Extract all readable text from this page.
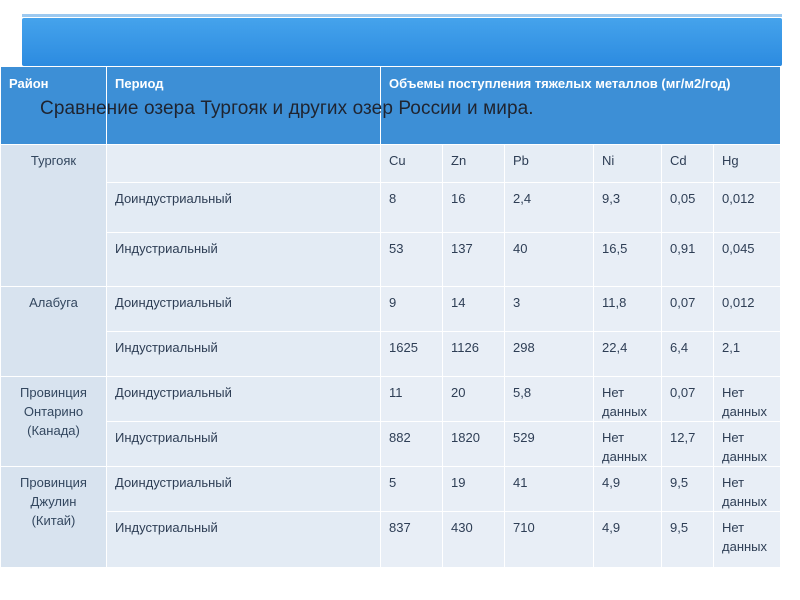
Район	Период	Объемы поступления тяжелых металлов (мг/м2/год)					
Тургояк		Cu	Zn	Pb	Ni	Cd	Hg
	Доиндустриальный	8	16	2,4	9,3	0,05	0,012
	Индустриальный	53	137	40	16,5	0,91	0,045
Алабуга	Доиндустриальный	9	14	3	11,8	0,07	0,012
	Индустриальный	1625	1126	298	22,4	6,4	2,1
Провинция Онтарино (Канада)	Доиндустриальный	11	20	5,8	Нет данных	0,07	Нет данных
	Индустриальный	882	1820	529	Нет данных	12,7	Нет данных
Провинция Джулин (Китай)	Доиндустриальный	5	19	41	4,9	9,5	Нет данных
	Индустриальный	837	430	710	4,9	9,5	Нет данных
Сравнение озера Тургояк и других озер России и мира.
